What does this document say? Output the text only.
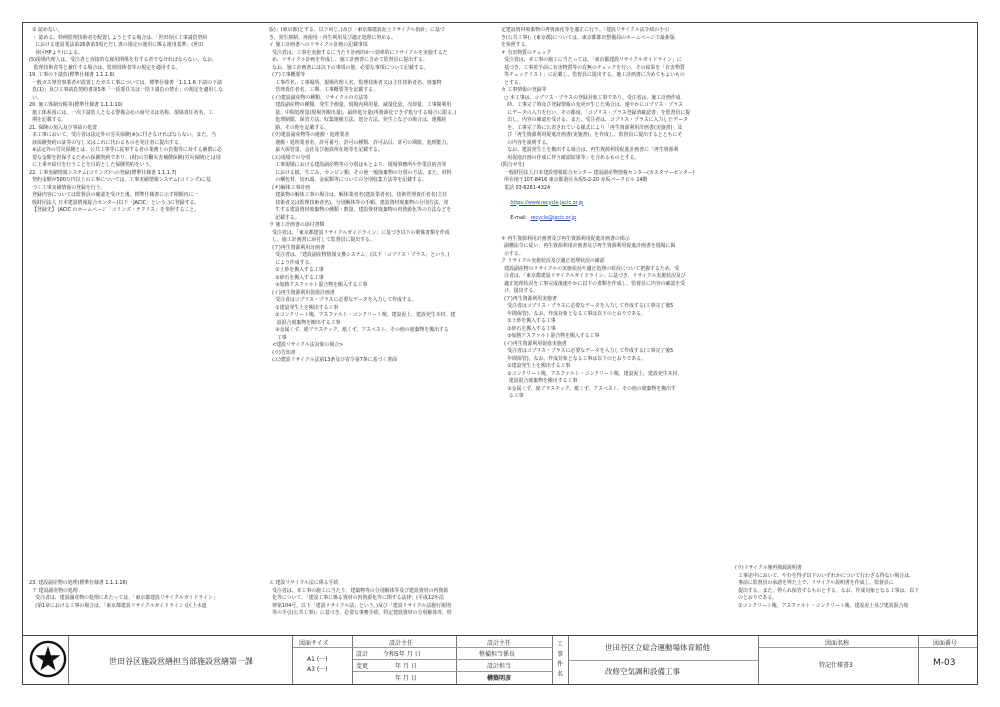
① 認めない。

・ 認める。特例監理技術者を配置しようとする場合は、「世田谷区工事請負契約

における建設業法第26条第3項ただし書の規定の運用に係る運用基準」(世田

谷区HPより)による。

(5)現場代理人は、受注者と直接的な雇用関係を有する者でなければならない。なお、

監理技術者等と兼任する場合は、監理技術者等の規定を適用する。

19. 工事の下請負(標準仕様書 1.1.1.6)

一般ガス導管事業者が設置したガス工事については、標準仕様書「1.1.1.6 下請の下請

負(1)」及び工事請負契約書第5条「一括委任又は一括下請負の禁止」の規定を適用しな

い。

20. 施工体制台帳等(標準仕様書 1.1.1.10)

施工体系図には、一次下請負人となる警備会社の商号又は名称、現場責任者名、工

期を記載する。

21. 保険の加入及び事故の処置

本工事において、受注者は法定外の労災保険(※)に付さなければならない。また、当

該保険契約の証券の写し又はこれに代わるものを発注者に提出する。

※法定外の労災保険とは、公共工事等に従事する者の業務上の負傷等に対する補償に必

要な金額を担保するための保険契約であり、(財)の労働災害補償保険(労災保険)とは別

に上乗せ給付を行うことを目的とした保険契約をいう。

22. 工事実績情報システム(コリンズ)への登録(標準仕様書 1.1.1.7)

契約金額が500万円以上の工事については、工事実績情報システム(コリンズ)に基

づく工事実績情報の登録を行う。

登録内容については監督員の確認を受けた後、標準仕様書に示す期間内に一

般財団法人 日本建設情報総合センター(以下「JACIC」という。)に登録する。

【登録先】 JACIC のホームページ「コリンズ・テクリス」を参照すること。

23. 建設副産物の処理(標準仕様書 1.1.1.16)

ア 建設副産物の処理

受注者は、建設副産物の処理にあたっては、「東京都建設リサイクルガイドライン」

(第1章における工事の場合は、「東京都建設リサイクルガイドライン (区上水道

版)」(東京都)とする。以下同じ。)及び「東京都建設泥土リサイクル指針」に基づ

き、発生抑制、再使用・再生利用及び適正処理に努める。

イ 施工計画書へのリサイクル計画の記載事項

受注者は、工事を実施するに当たり計画的かつ効率的にリサイクルを実施するた

め、リサイクル計画を作成し、施工計画書に含めて監督員に提出する。

なお、施工計画書には以下の事項の他、必要な事項について記載する。

(ア)工事概要等

工事件名、工事場所、現場代理人名、監理技術者又は主任技術者名、廃棄物

管理責任者名、工期、工事概要等を記載する。

(イ)建設副産物の種類、リサイクルの方法等

建設副産物の種類、発生予測量、現場内利用量、減量化量、売却量、工事間利用

量、中間処理量(現場外搬出量)、最終処分量(再資源化できず処分する場合に限る。)

処理制限、保管方法、収集運搬方法、処分方法、発生上などの場合は、運搬経

路、その他を記載する。

(ウ)建設副産物等の運搬・処理業者

運搬・処理業者名、許可番号、許可の種類、許可品目、許可の期限、処理能力、

最大保管量、会社及び施設所在地等を記載する。

(エ)現場での分別

工事現場における建設副産物等の分別はもとより、現場事務所や作業員宿舎等

における紙、生ごみ、カンビン類、その他一般廃棄物の分別の方法、また、材料

の梱包材、切れ端、金属類等についての分別収集方法等を記載する。

(オ)解体工事計画

建築物の解体工事の場合は、解体業者名(建設業者名)、技術管理責任者名(主任

技術者又は監理技術者名)、分別解体等の手順、建設資材廃棄物の分別方法、発

生する建設資材廃棄物の種類・数量、建設資材廃棄物の再資源化等の方法などを

記載する。

ウ 施工計画書の添付書類

受注者は、「東京都建設リサイクルガイドライン」に基づき以下の関係書類を作成

し、施工計画書に添付して監督員に提出する。

(ア)再生資源利用計画書

受注者は、「建設副産物情報交換システム」(以下「コブリス・プラス」という。)

により作成する。

①土砂を搬入する工事

②砕石を搬入する工事

③加熱アスファルト混合物を搬入する工事

(イ)再生資源利用促進計画書

受注者はコブリス・プラスに必要なデータを入力して作成する。

①建設発生土を搬出する工事

②コンクリート塊、アスファルト・コンクリート塊、建設泥土、建設発生木材、建

設混合廃棄物を搬出する工事

③金属くず、廃プラスチック、紙くず、アスベスト、その他の廃棄物を搬出する

工事

<建設リサイクル法対象の場合>

(ウ)告知書

(エ)建設リサイクル法第13条及び省令第7条に基づく書面

エ 建設リサイクル法に係る手続

受注者は、本工事の施工に当たり、建築物等の分別解体等及び建設資材の再資源

化等について、「建設工事に係る資材の再資源化等に関する法律」(平成12年法

律第104号。以下「建設リサイクル法」という。)及び「建設リサイクル法施行規則

等の手引(公共工事)」に基づき、必要な事務手続、特定建設資材の分別解体等、特

定建設資材廃棄物の再資源化等を適正に行う。「建設リサイクル法手続の手引

き(公共工事)」(東京都)については、東京都都市整備局のホームページで最新版

を参照する。

オ 有害物質のチェック

受注者は、本工事の施工に当たっては、「東京都建設リサイクルガイドライン」に

基づき、工事着手前に有害物質等の有無のチェックを行い、その結果を「有害物質

等チェックリスト」に記載し、監督員に提出する。施工計画書に含めてもよいもの

とする。

カ 工事情報の登録等

○ 本工事は、コブリス・プラスの登録対象工事であり、受注者は、施工計画作成

時、工事完了時及び登録情報の変更が生じた場合は、速やかにコブリス・プラス

にデータの入力を行い、その都度、「コブリス・プラス登録済確認書」を監督員に提

出し、内容の確認を受ける。また、受注者は、コブリス・プラスに入力したデータ

を、工事完了時に公表されている様式により「再生資源利用計画書(実施書)」及

び「再生資源利用促進計画書(実施書)」を作成し、監督員に提出するとともにそ

の内容を説明する。

なお、建設発生土を搬出する場合は、再生資源利用促進計画書に「再生資源利

用促進計画の作成に伴う確認結果等」を含めるものとする。

(問合せ先)

一般財団法人日本建設情報総合センター 建設副産物情報センター(カスタマーセンター)

所在地〒107-8416 東京都港区赤坂5-2-20 赤坂パークビル 14階

電話 03-6261-4324

https://www.recycle.jacic.or.jp

E-mail：recycle@jacic.or.jp

キ 再生資源利用計画書及び再生資源利用促進計画書の掲示

副構法令に従い、再生資源利用計画書及び再生資源利用促進計画書を現場に掲

示する。

ク リサイクル実施状況及び適正処理状況の確認

建設副産物のリサイクルの実施状況や適正処理の状況について把握するため、受

注者は、「東京都建設リサイクルガイドライン」に基づき、リサイクル実施状況及び

適正処理状況を工事完成後速やかに以下の書類を作成し、監督員に内容の確認を受

け、提出する。

(ア)再生資源利用実施書

受注者はコブリス・プラスに必要なデータを入力して作成する(工事完了後5

年間保管)。なお、作成対象となる工事は以下のとおりである。

①土砂を搬入する工事

②砕石を搬入する工事

③加熱アスファルト混合物を搬入する工事

(イ)再生資源利用促進実施書

受注者はコブリス・プラスに必要なデータを入力して作成する(工事完了後5

年間保管)。なお、作成対象となる工事は以下のとおりである。

①建設発生土を搬出する工事

②コンクリート塊、アスファルト・コンクリート塊、建設泥土、建設発生木材、

建設混合廃棄物を搬出する工事

③金属くず、廃プラスチック、紙くず、アスベスト、その他の廃棄物を搬出す

る工事

(ウ)リサイクル施再資源説明書

工事途中において、やむを得ず以下のいずれかについて行わざる得ない場合は、

事前に監督員の承諾を得た上で、リサイクル説明書を作成し、監督員に

提出する。また、得られ保管するものとする。なお、作成対象となる工事は、以下

のとおりである。

①コンクリート塊、アスファルト・コンクリート塊、建設泥土及び建設混合廃

世田谷区施設営繕担当部施設営繕第一課
図面サイズ
A1 (一)
A3 (一)
設計主任
設計 令和5年 月 日
変更	年 月 日
年 月 日
設計主任
整備担当係長
設計担当
構築明彦
工事件名
世田谷区立総合運動場体育館他
改修空気調和設備工事
図面名称
特記仕様書3
図面番号
M-03
